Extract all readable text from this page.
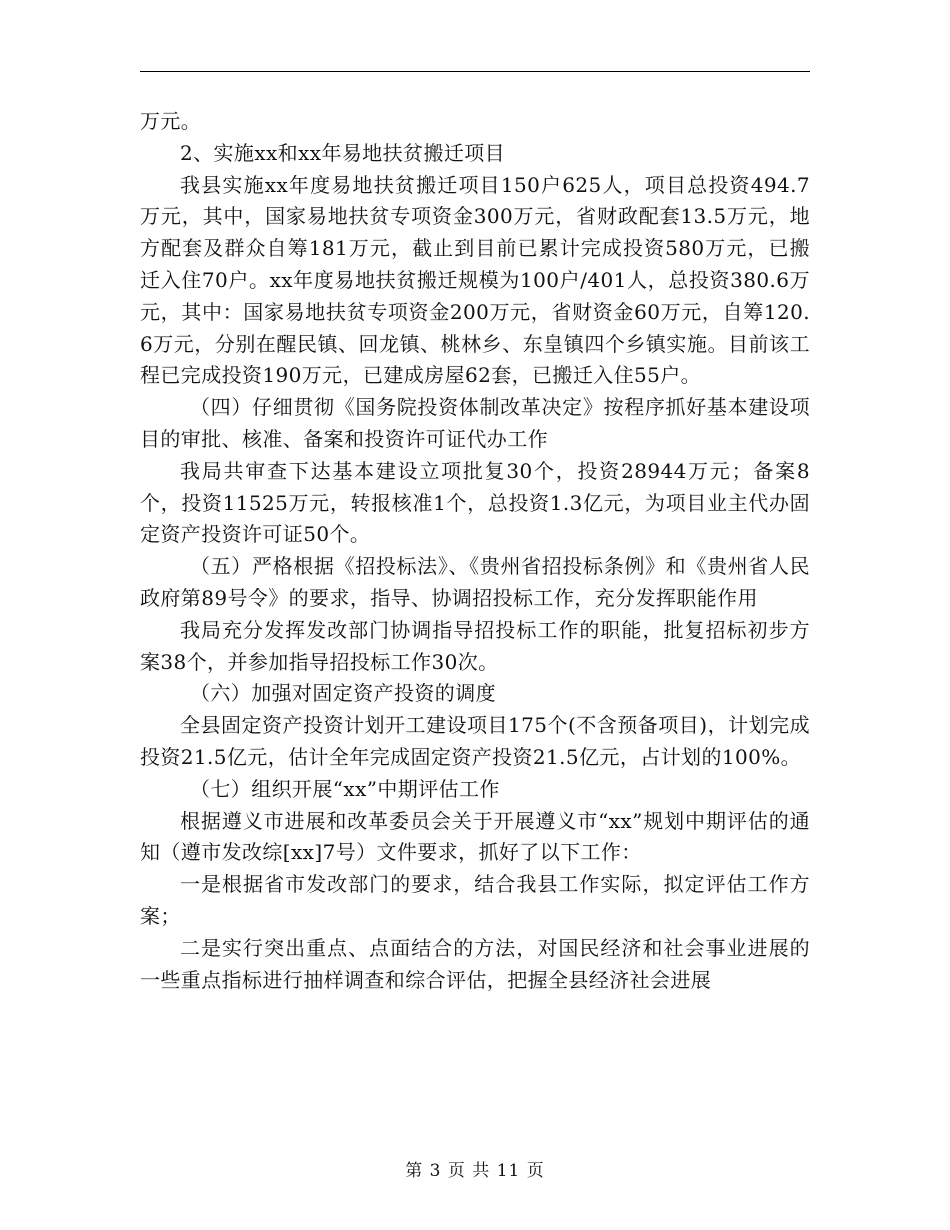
万元。

2、实施xx和xx年易地扶贫搬迁项目

我县实施xx年度易地扶贫搬迁项目150户625人，项目总投资494.7万元，其中，国家易地扶贫专项资金300万元，省财政配套13.5万元，地方配套及群众自筹181万元，截止到目前已累计完成投资580万元，已搬迁入住70户。xx年度易地扶贫搬迁规模为100户/401人，总投资380.6万元，其中：国家易地扶贫专项资金200万元，省财资金60万元，自筹120.6万元，分别在醒民镇、回龙镇、桃林乡、东皇镇四个乡镇实施。目前该工程已完成投资190万元，已建成房屋62套，已搬迁入住55户。

（四）仔细贯彻《国务院投资体制改革决定》按程序抓好基本建设项目的审批、核准、备案和投资许可证代办工作

我局共审查下达基本建设立项批复30个，投资28944万元；备案8个，投资11525万元，转报核准1个，总投资1.3亿元，为项目业主代办固定资产投资许可证50个。

（五）严格根据《招投标法》、《贵州省招投标条例》和《贵州省人民政府第89号令》的要求，指导、协调招投标工作，充分发挥职能作用

我局充分发挥发改部门协调指导招投标工作的职能，批复招标初步方案38个，并参加指导招投标工作30次。

（六）加强对固定资产投资的调度

全县固定资产投资计划开工建设项目175个(不含预备项目)，计划完成投资21.5亿元，估计全年完成固定资产投资21.5亿元，占计划的100%。

（七）组织开展“xx”中期评估工作

根据遵义市进展和改革委员会关于开展遵义市“xx”规划中期评估的通知（遵市发改综[xx]7号）文件要求，抓好了以下工作：

一是根据省市发改部门的要求，结合我县工作实际，拟定评估工作方案；

二是实行突出重点、点面结合的方法，对国民经济和社会事业进展的一些重点指标进行抽样调查和综合评估，把握全县经济社会进展

第 3 页 共 11 页
